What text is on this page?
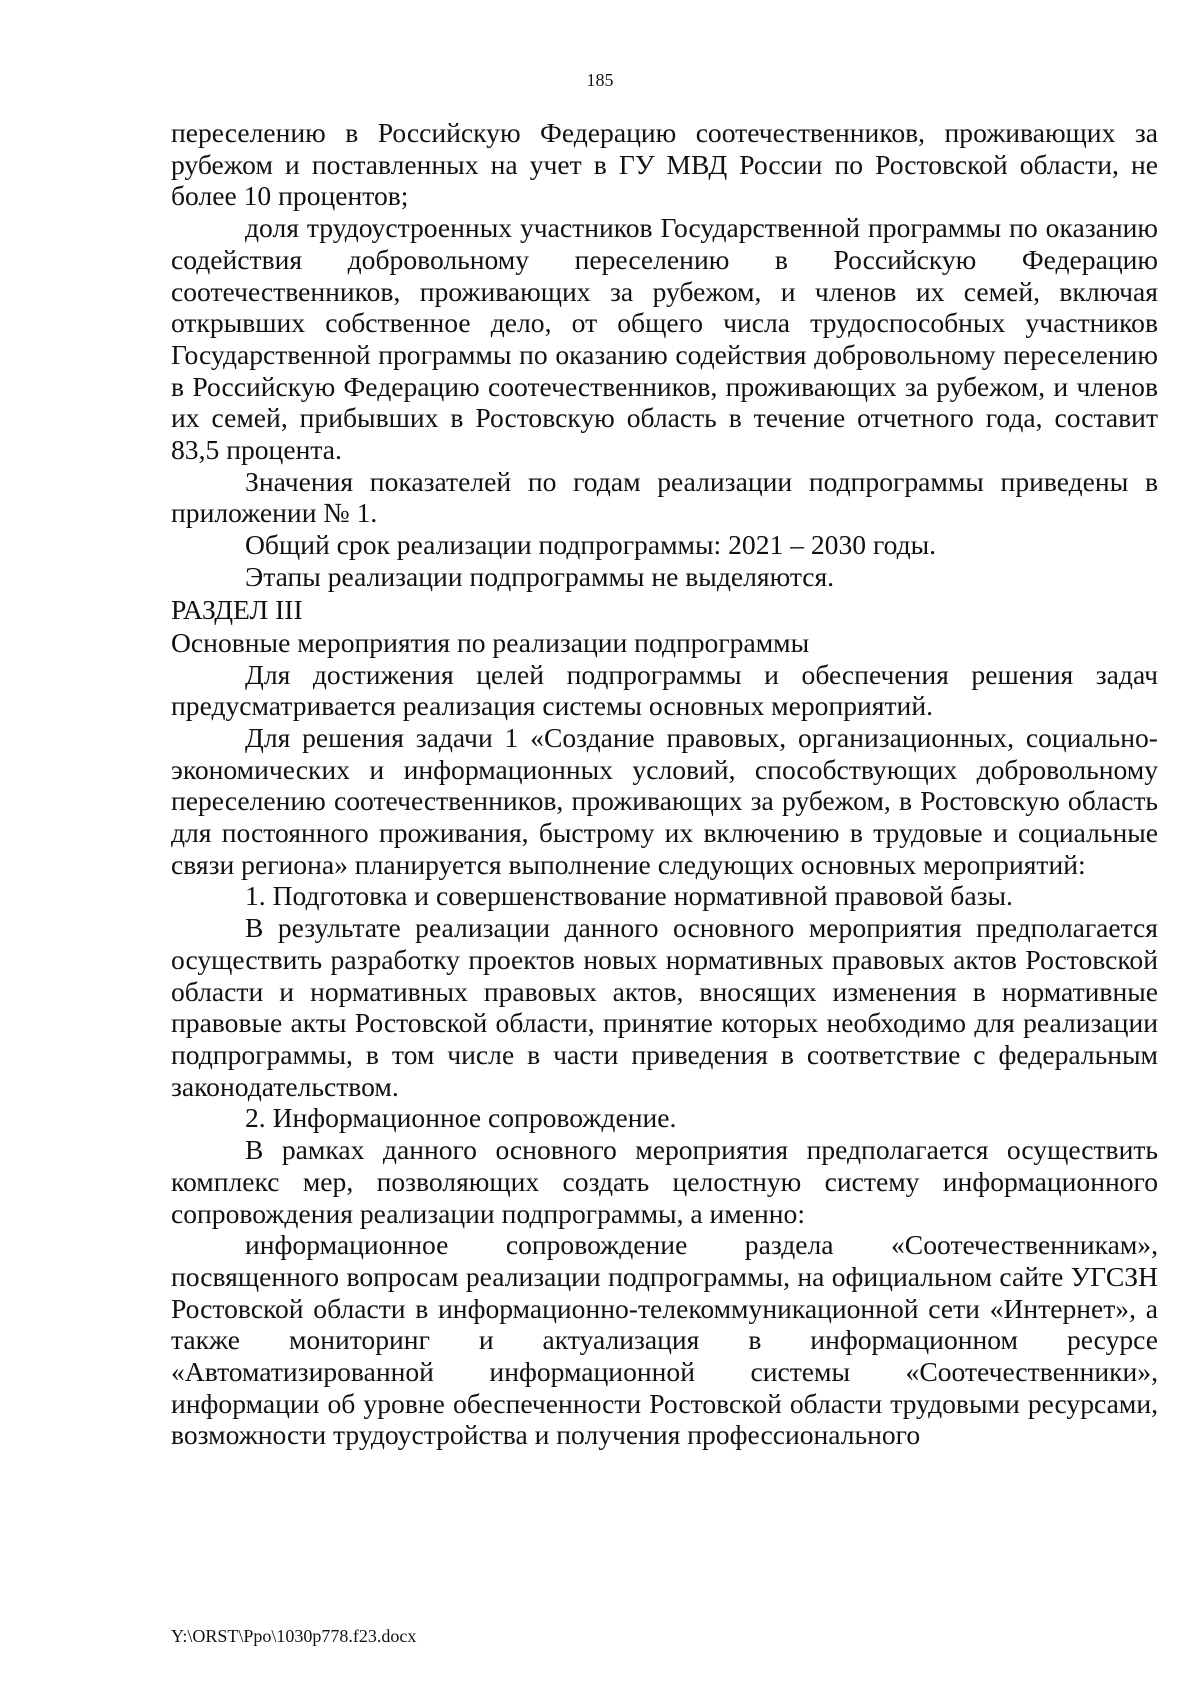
185

переселению в Российскую Федерацию соотечественников, проживающих за рубежом и поставленных на учет в ГУ МВД России по Ростовской области, не более 10 процентов;

доля трудоустроенных участников Государственной программы по оказанию содействия добровольному переселению в Российскую Федерацию соотечественников, проживающих за рубежом, и членов их семей, включая открывших собственное дело, от общего числа трудоспособных участников Государственной программы по оказанию содействия добровольному переселению в Российскую Федерацию соотечественников, проживающих за рубежом, и членов их семей, прибывших в Ростовскую область в течение отчетного года, составит 83,5 процента.

Значения показателей по годам реализации подпрограммы приведены в приложении № 1.

Общий срок реализации подпрограммы: 2021 – 2030 годы.

Этапы реализации подпрограммы не выделяются.

РАЗДЕЛ III

Основные мероприятия по реализации подпрограммы

Для достижения целей подпрограммы и обеспечения решения задач предусматривается реализация системы основных мероприятий.

Для решения задачи 1 «Создание правовых, организационных, социально-экономических и информационных условий, способствующих добровольному переселению соотечественников, проживающих за рубежом, в Ростовскую область для постоянного проживания, быстрому их включению в трудовые и социальные связи региона» планируется выполнение следующих основных мероприятий:

1. Подготовка и совершенствование нормативной правовой базы.

В результате реализации данного основного мероприятия предполагается осуществить разработку проектов новых нормативных правовых актов Ростовской области и нормативных правовых актов, вносящих изменения в нормативные правовые акты Ростовской области, принятие которых необходимо для реализации подпрограммы, в том числе в части приведения в соответствие с федеральным законодательством.

2. Информационное сопровождение.

В рамках данного основного мероприятия предполагается осуществить комплекс мер, позволяющих создать целостную систему информационного сопровождения реализации подпрограммы, а именно:

информационное сопровождение раздела «Соотечественникам», посвященного вопросам реализации подпрограммы, на официальном сайте УГСЗН Ростовской области в информационно-телекоммуникационной сети «Интернет», а также мониторинг и актуализация в информационном ресурсе «Автоматизированной информационной системы «Соотечественники», информации об уровне обеспеченности Ростовской области трудовыми ресурсами, возможности трудоустройства и получения профессионального

Y:\ORST\Ppo\1030p778.f23.docx
